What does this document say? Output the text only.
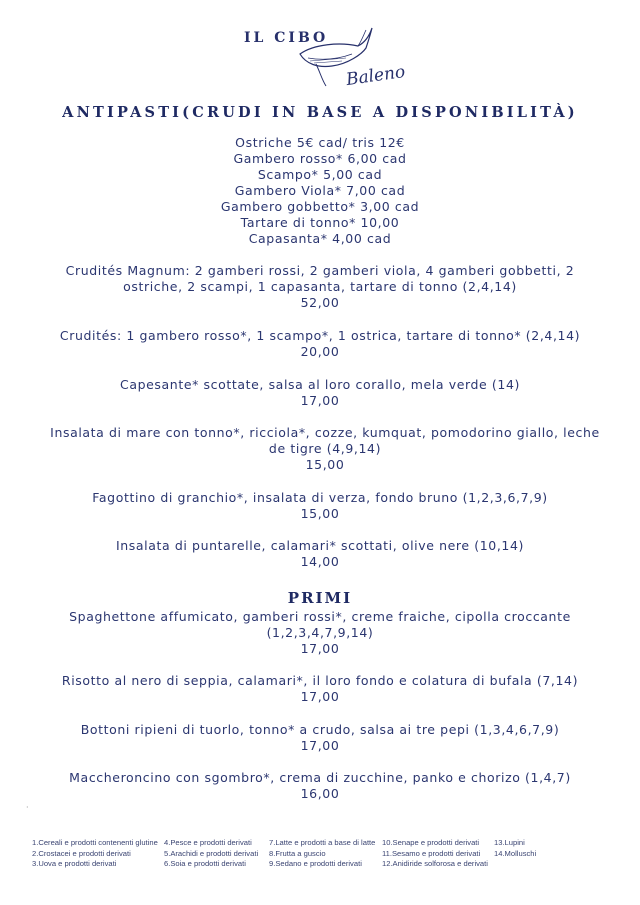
IL CIBO
Baleno
ANTIPASTI(CRUDI IN BASE A DISPONIBILITÀ)
Ostriche 5€ cad/ tris 12€
Gambero rosso* 6,00 cad
Scampo* 5,00 cad
Gambero Viola* 7,00 cad
Gambero gobbetto* 3,00 cad
Tartare di tonno* 10,00
Capasanta* 4,00 cad
Crudités Magnum: 2 gamberi rossi, 2 gamberi viola, 4 gamberi gobbetti, 2 ostriche, 2 scampi, 1 capasanta, tartare di tonno (2,4,14)
52,00
Crudités: 1 gambero rosso*, 1 scampo*, 1 ostrica, tartare di tonno* (2,4,14)
20,00
Capesante* scottate, salsa al loro corallo, mela verde (14)
17,00
Insalata di mare con tonno*, ricciola*, cozze, kumquat, pomodorino giallo, leche de tigre (4,9,14)
15,00
Fagottino di granchio*, insalata di verza, fondo bruno (1,2,3,6,7,9)
15,00
Insalata di puntarelle, calamari* scottati, olive nere (10,14)
14,00
PRIMI
Spaghettone affumicato, gamberi rossi*, creme fraiche, cipolla croccante (1,2,3,4,7,9,14)
17,00
Risotto al nero di seppia, calamari*, il loro fondo e colatura di bufala (7,14)
17,00
Bottoni ripieni di tuorlo, tonno* a crudo, salsa ai tre pepi (1,3,4,6,7,9)
17,00
Maccheroncino con sgombro*, crema di zucchine, panko e chorizo (1,4,7)
16,00
·
1.Cereali e prodotti contenenti glutine
2.Crostacei e prodotti derivati
3.Uova e prodotti derivati
4.Pesce e prodotti derivati
5.Arachidi e prodotti derivati
6.Soia e prodotti derivati
7.Latte e prodotti a base di latte
8.Frutta a guscio
9.Sedano e prodotti derivati
10.Senape e prodotti derivati
11.Sesamo e prodotti derivati
12.Anidiride solforosa e derivati
13.Lupini
14.Molluschi
